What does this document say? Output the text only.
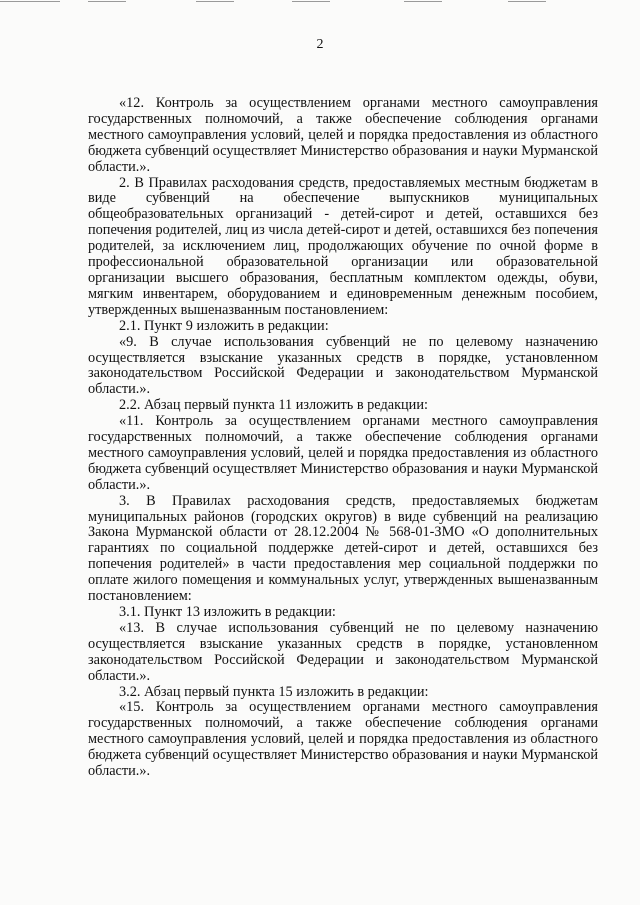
2

«12. Контроль за осуществлением органами местного самоуправления государственных полномочий, а также обеспечение соблюдения органами местного самоуправления условий, целей и порядка предоставления из областного бюджета субвенций осуществляет Министерство образования и науки Мурманской области.».

2. В Правилах расходования средств, предоставляемых местным бюджетам в виде субвенций на обеспечение выпускников муниципальных общеобразовательных организаций - детей-сирот и детей, оставшихся без попечения родителей, лиц из числа детей-сирот и детей, оставшихся без попечения родителей, за исключением лиц, продолжающих обучение по очной форме в профессиональной образовательной организации или образовательной организации высшего образования, бесплатным комплектом одежды, обуви, мягким инвентарем, оборудованием и единовременным денежным пособием, утвержденных вышеназванным постановлением:

2.1. Пункт 9 изложить в редакции:

«9. В случае использования субвенций не по целевому назначению осуществляется взыскание указанных средств в порядке, установленном законодательством Российской Федерации и законодательством Мурманской области.».

2.2. Абзац первый пункта 11 изложить в редакции:

«11. Контроль за осуществлением органами местного самоуправления государственных полномочий, а также обеспечение соблюдения органами местного самоуправления условий, целей и порядка предоставления из областного бюджета субвенций осуществляет Министерство образования и науки Мурманской области.».

3. В Правилах расходования средств, предоставляемых бюджетам муниципальных районов (городских округов) в виде субвенций на реализацию Закона Мурманской области от 28.12.2004 № 568-01-ЗМО «О дополнительных гарантиях по социальной поддержке детей-сирот и детей, оставшихся без попечения родителей» в части предоставления мер социальной поддержки по оплате жилого помещения и коммунальных услуг, утвержденных вышеназванным постановлением:

3.1. Пункт 13 изложить в редакции:

«13. В случае использования субвенций не по целевому назначению осуществляется взыскание указанных средств в порядке, установленном законодательством Российской Федерации и законодательством Мурманской области.».

3.2. Абзац первый пункта 15 изложить в редакции:

«15. Контроль за осуществлением органами местного самоуправления государственных полномочий, а также обеспечение соблюдения органами местного самоуправления условий, целей и порядка предоставления из областного бюджета субвенций осуществляет Министерство образования и науки Мурманской области.».
